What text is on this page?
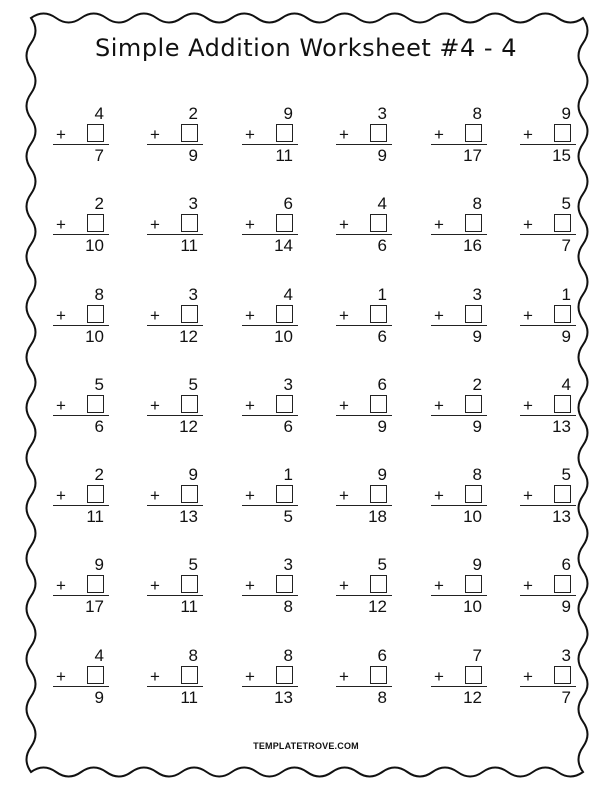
Simple Addition Worksheet #4 - 4
4
+
7
2
+
9
9
+
11
3
+
9
8
+
17
9
+
15
2
+
10
3
+
11
6
+
14
4
+
6
8
+
16
5
+
7
8
+
10
3
+
12
4
+
10
1
+
6
3
+
9
1
+
9
5
+
6
5
+
12
3
+
6
6
+
9
2
+
9
4
+
13
2
+
11
9
+
13
1
+
5
9
+
18
8
+
10
5
+
13
9
+
17
5
+
11
3
+
8
5
+
12
9
+
10
6
+
9
4
+
9
8
+
11
8
+
13
6
+
8
7
+
12
3
+
7
TEMPLATETROVE.COM
